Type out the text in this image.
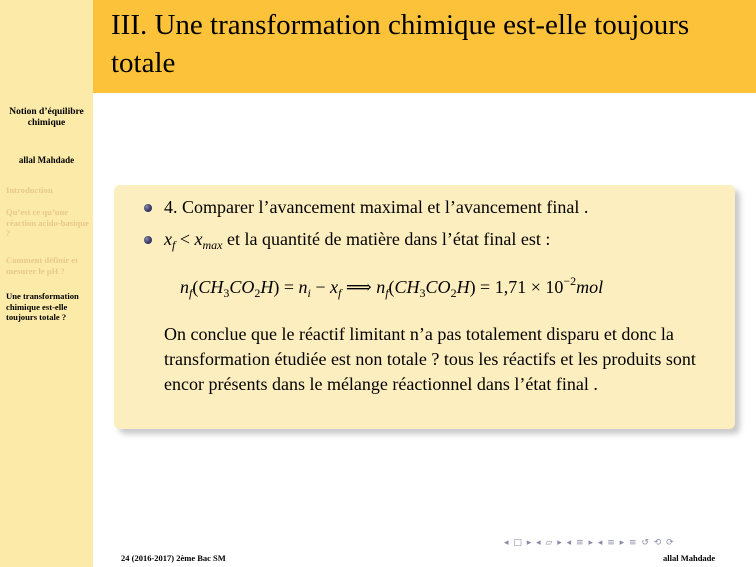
Notion d’équilibre chimique
allal Mahdade
Introduction
Qu’est ce qu’une réaction acido-basique ?
Comment définir et mesurer le pH ?
Une transformation chimique est-elle toujours totale ?
III. Une transformation chimique est-elle toujours totale
4. Comparer l’avancement maximal et l’avancement final .
$x_f < x_{max}$ et la quantité de matière dans l’état final est :
$n_f(CH_3CO_2H) = n_i - x_f$ ⟹ $n_f(CH_3CO_2H) = 1,71 \times 10^{-2}mol$
On conclue que le réactif limitant n’a pas totalement disparu et donc la transformation étudiée est non totale ? tous les réactifs et les produits sont encor présents dans le mélange réactionnel dans l’état final .
24 (2016-2017) 2ème Bac SM	allal Mahdade
◂ □ ▸ ◂ ▱ ▸ ◂ ≡ ▸ ◂ ≡ ▸ ≡ ↺ ⟲ ⟳
